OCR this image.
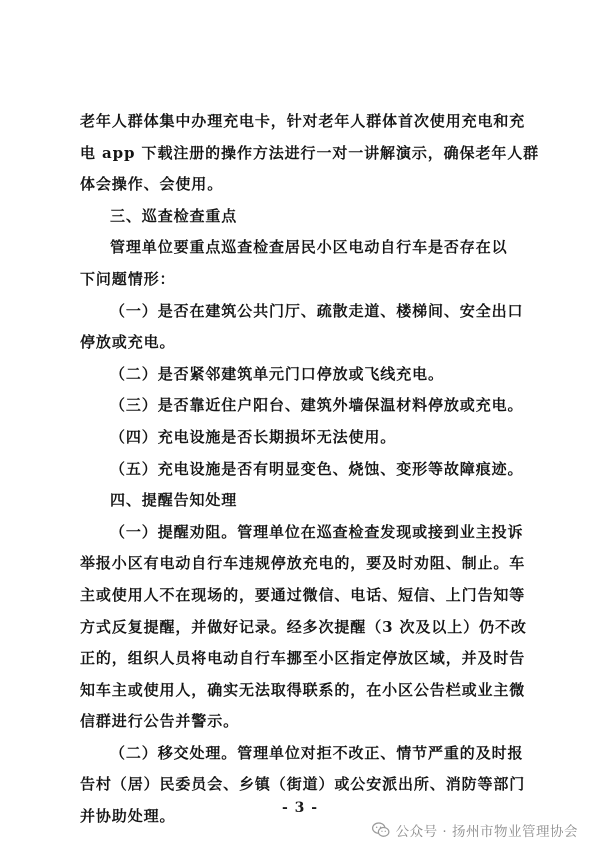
老年人群体集中办理充电卡，针对老年人群体首次使用充电和充
电 app 下载注册的操作方法进行一对一讲解演示，确保老年人群
体会操作、会使用。
三、巡查检查重点
管理单位要重点巡查检查居民小区电动自行车是否存在以
下问题情形：
（一）是否在建筑公共门厅、疏散走道、楼梯间、安全出口
停放或充电。
（二）是否紧邻建筑单元门口停放或飞线充电。
（三）是否靠近住户阳台、建筑外墙保温材料停放或充电。
（四）充电设施是否长期损坏无法使用。
（五）充电设施是否有明显变色、烧蚀、变形等故障痕迹。
四、提醒告知处理
（一）提醒劝阻。管理单位在巡查检查发现或接到业主投诉
举报小区有电动自行车违规停放充电的，要及时劝阻、制止。车
主或使用人不在现场的，要通过微信、电话、短信、上门告知等
方式反复提醒，并做好记录。经多次提醒（3 次及以上）仍不改
正的，组织人员将电动自行车挪至小区指定停放区域，并及时告
知车主或使用人，确实无法取得联系的，在小区公告栏或业主微
信群进行公告并警示。
（二）移交处理。管理单位对拒不改正、情节严重的及时报
告村（居）民委员会、乡镇（街道）或公安派出所、消防等部门
并协助处理。	- 3 -
公众号 · 扬州市物业管理协会
